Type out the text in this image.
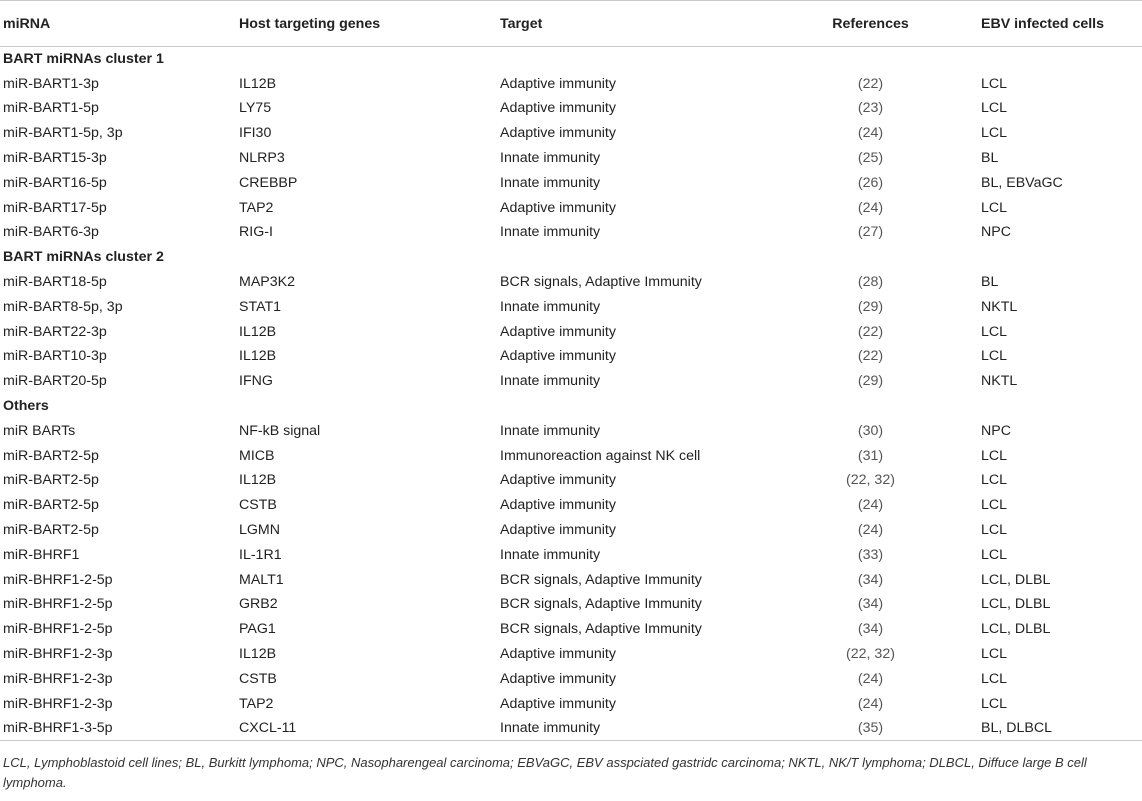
miRNA	Host targeting genes	Target	References	EBV infected cells
BART miRNAs cluster 1				
miR-BART1-3p	IL12B	Adaptive immunity	(22)	LCL
miR-BART1-5p	LY75	Adaptive immunity	(23)	LCL
miR-BART1-5p, 3p	IFI30	Adaptive immunity	(24)	LCL
miR-BART15-3p	NLRP3	Innate immunity	(25)	BL
miR-BART16-5p	CREBBP	Innate immunity	(26)	BL, EBVaGC
miR-BART17-5p	TAP2	Adaptive immunity	(24)	LCL
miR-BART6-3p	RIG-I	Innate immunity	(27)	NPC
BART miRNAs cluster 2				
miR-BART18-5p	MAP3K2	BCR signals, Adaptive Immunity	(28)	BL
miR-BART8-5p, 3p	STAT1	Innate immunity	(29)	NKTL
miR-BART22-3p	IL12B	Adaptive immunity	(22)	LCL
miR-BART10-3p	IL12B	Adaptive immunity	(22)	LCL
miR-BART20-5p	IFNG	Innate immunity	(29)	NKTL
Others				
miR BARTs	NF-kB signal	Innate immunity	(30)	NPC
miR-BART2-5p	MICB	Immunoreaction against NK cell	(31)	LCL
miR-BART2-5p	IL12B	Adaptive immunity	(22, 32)	LCL
miR-BART2-5p	CSTB	Adaptive immunity	(24)	LCL
miR-BART2-5p	LGMN	Adaptive immunity	(24)	LCL
miR-BHRF1	IL-1R1	Innate immunity	(33)	LCL
miR-BHRF1-2-5p	MALT1	BCR signals, Adaptive Immunity	(34)	LCL, DLBL
miR-BHRF1-2-5p	GRB2	BCR signals, Adaptive Immunity	(34)	LCL, DLBL
miR-BHRF1-2-5p	PAG1	BCR signals, Adaptive Immunity	(34)	LCL, DLBL
miR-BHRF1-2-3p	IL12B	Adaptive immunity	(22, 32)	LCL
miR-BHRF1-2-3p	CSTB	Adaptive immunity	(24)	LCL
miR-BHRF1-2-3p	TAP2	Adaptive immunity	(24)	LCL
miR-BHRF1-3-5p	CXCL-11	Innate immunity	(35)	BL, DLBCL
LCL, Lymphoblastoid cell lines; BL, Burkitt lymphoma; NPC, Nasopharengeal carcinoma; EBVaGC, EBV asspciated gastridc carcinoma; NKTL, NK/T lymphoma; DLBCL, Diffuce large B cell lymphoma.
